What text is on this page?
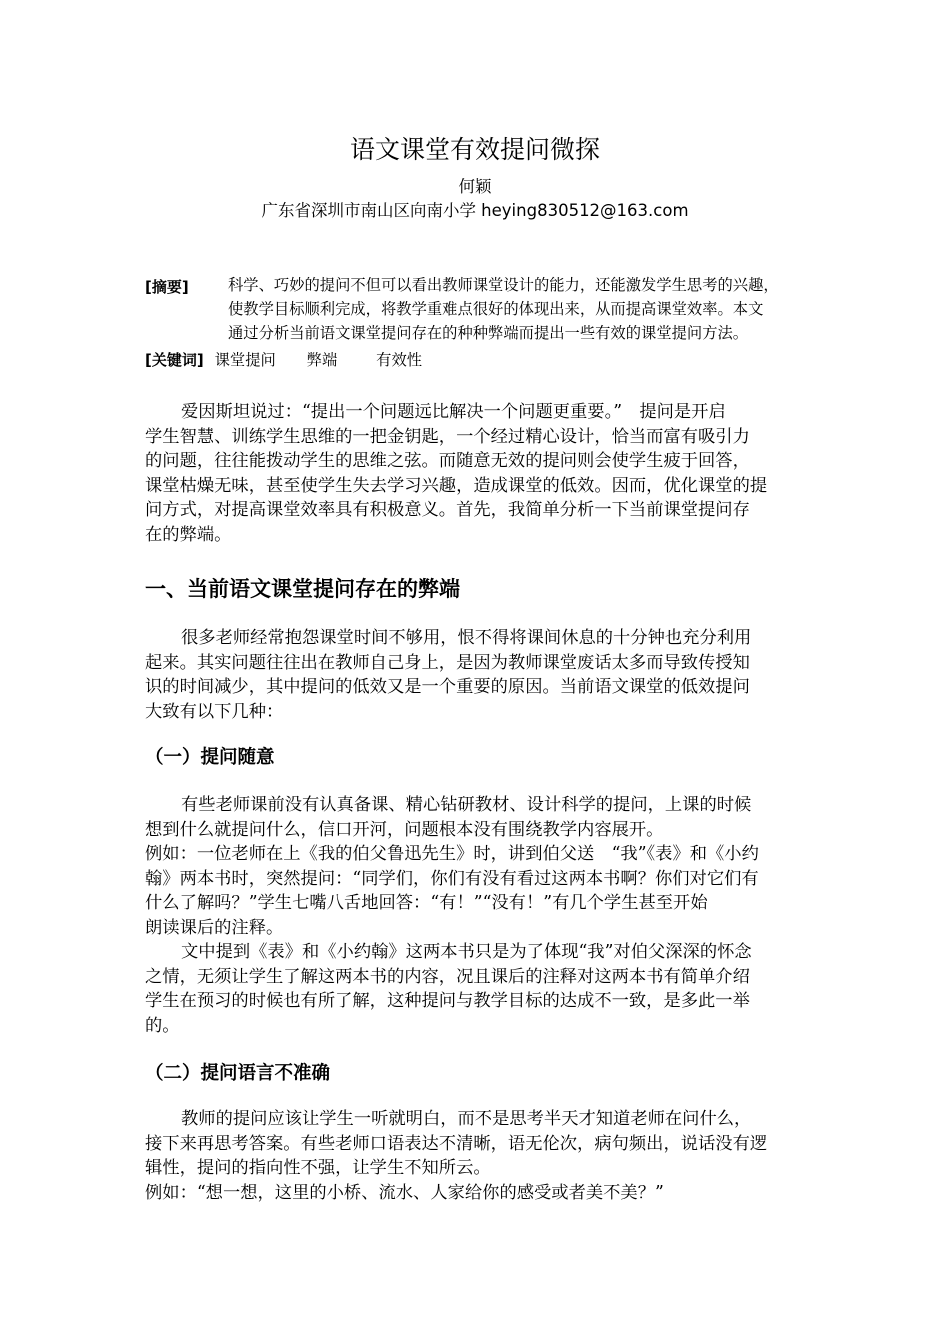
语文课堂有效提问微探
何颖
广东省深圳市南山区向南小学 heying830512@163.com
[摘要]	科学、巧妙的提问不但可以看出教师课堂设计的能力，还能激发学生思考的兴趣，
使教学目标顺利完成，将教学重难点很好的体现出来，从而提高课堂效率。本文
通过分析当前语文课堂提问存在的种种弊端而提出一些有效的课堂提问方法。
[关键词] 课堂提问 弊端	有效性
爱因斯坦说过：“提出一个问题远比解决一个问题更重要。”　提问是开启
学生智慧、训练学生思维的一把金钥匙，一个经过精心设计，恰当而富有吸引力
的问题，往往能拨动学生的思维之弦。而随意无效的提问则会使学生疲于回答，
课堂枯燥无味，甚至使学生失去学习兴趣，造成课堂的低效。因而，优化课堂的提
问方式，对提高课堂效率具有积极意义。首先，我简单分析一下当前课堂提问存
在的弊端。
一、当前语文课堂提问存在的弊端
很多老师经常抱怨课堂时间不够用，恨不得将课间休息的十分钟也充分利用
起来。其实问题往往出在教师自己身上，是因为教师课堂废话太多而导致传授知
识的时间减少，其中提问的低效又是一个重要的原因。当前语文课堂的低效提问
大致有以下几种：
（一）提问随意
有些老师课前没有认真备课、精心钻研教材、设计科学的提问，上课的时候
想到什么就提问什么，信口开河，问题根本没有围绕教学内容展开。
例如：一位老师在上《我的伯父鲁迅先生》时，讲到伯父送　“我”《表》和《小约
翰》两本书时，突然提问：“同学们，你们有没有看过这两本书啊？你们对它们有
什么了解吗？”学生七嘴八舌地回答：“有！”“没有！”有几个学生甚至开始
朗读课后的注释。
文中提到《表》和《小约翰》这两本书只是为了体现“我”对伯父深深的怀念
之情，无须让学生了解这两本书的内容，况且课后的注释对这两本书有简单介绍
学生在预习的时候也有所了解，这种提问与教学目标的达成不一致，是多此一举
的。
（二）提问语言不准确
教师的提问应该让学生一听就明白，而不是思考半天才知道老师在问什么，
接下来再思考答案。有些老师口语表达不清晰，语无伦次，病句频出，说话没有逻
辑性，提问的指向性不强，让学生不知所云。
例如：“想一想，这里的小桥、流水、人家给你的感受或者美不美？”
